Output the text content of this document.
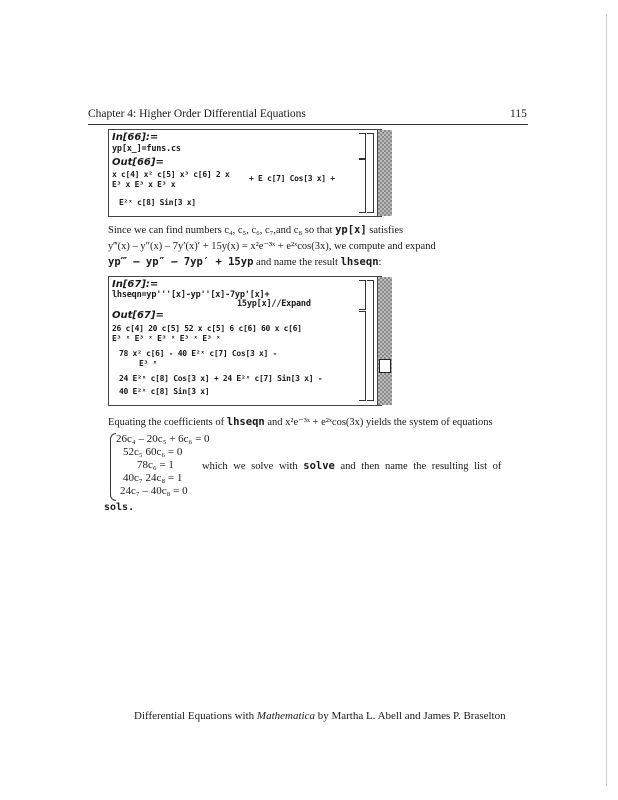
Chapter 4: Higher Order Differential Equations	115
In[66]:=
yp[x_]=funs.cs
Out[66]=
x c[4] x² c[5] x³ c[6] 2 x + E c[7] Cos[3 x] +
E³ x E³ x E³ x
E²ˣ c[8] Sin[3 x]
Since we can find numbers c₄, c₅, c₆, c₇,and c₈ so that yp[x] satisfies
y‴(x) – y″(x) – 7y′(x)′ + 15y(x) = x²e⁻³ˣ + e²ˣcos(3x), we compute and expand
yp‴ – yp″ – 7yp′ + 15yp and name the result lhseqn:
In[67]:=
lhseqn=yp'''[x]-yp''[x]-7yp'[x]+
15yp[x]//Expand
Out[67]=
26 c[4] 20 c[5] 52 x c[5] 6 c[6] 60 x c[6]
E³ ˣ E³ ˣ E³ ˣ E³ ˣ E³ ˣ
78 x² c[6] - 40 E²ˣ c[7] Cos[3 x] -
E³ ˣ
24 E²ˣ c[8] Cos[3 x] + 24 E²ˣ c[7] Sin[3 x] -
40 E²ˣ c[8] Sin[3 x]
Equating the coefficients of lhseqn and x²e⁻³ˣ + e²ˣcos(3x) yields the system of equations
26c₄ – 20c₅ + 6c₆ = 0
52c₅ 60c₆ = 0
78c₆ = 1
40c₇ 24c₈ = 1
24c₇ – 40c₈ = 0
which we solve with solve and then name the resulting list of
sols.
Differential Equations with Mathematica by Martha L. Abell and James P. Braselton
